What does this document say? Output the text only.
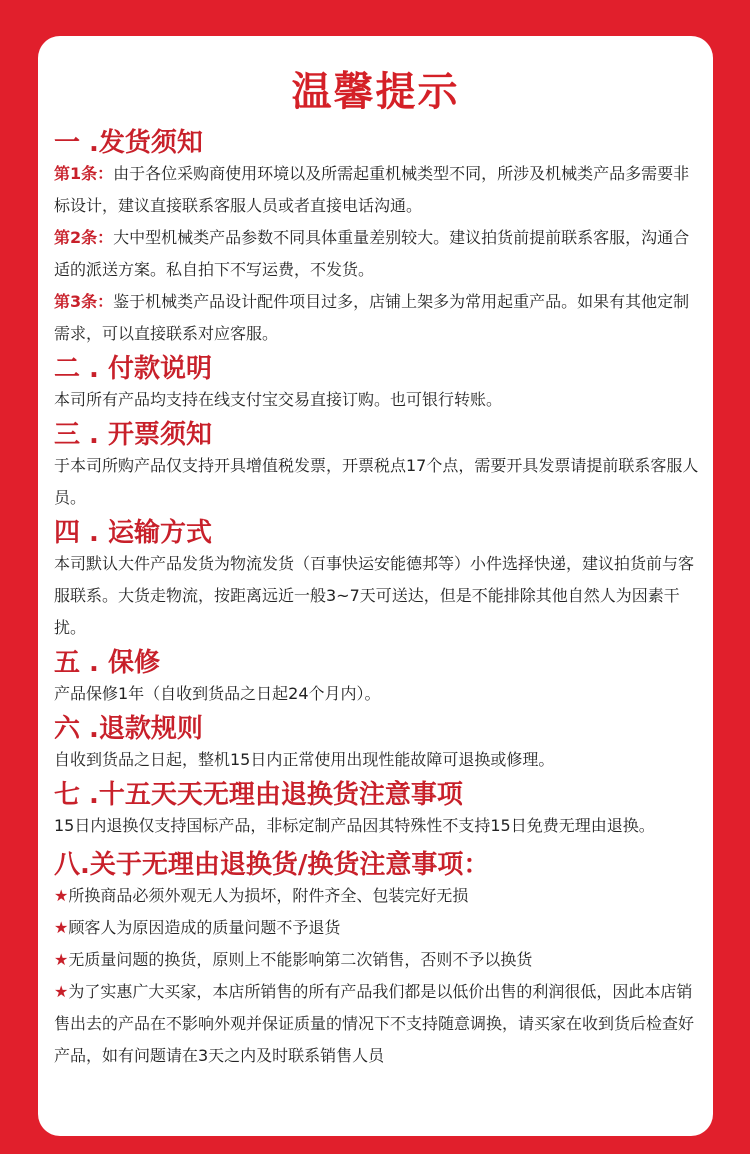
温馨提示
一 .发货须知

第1条：由于各位采购商使用环境以及所需起重机械类型不同，所涉及机械类产品多需要非标设计，建议直接联系客服人员或者直接电话沟通。

第2条：大中型机械类产品参数不同具体重量差别较大。建议拍货前提前联系客服，沟通合适的派送方案。私自拍下不写运费，不发货。

第3条：鉴于机械类产品设计配件项目过多，店铺上架多为常用起重产品。如果有其他定制需求，可以直接联系对应客服。

二 . 付款说明

本司所有产品均支持在线支付宝交易直接订购。也可银行转账。

三 . 开票须知

于本司所购产品仅支持开具增值税发票，开票税点17个点，需要开具发票请提前联系客服人员。

四 . 运输方式

本司默认大件产品发货为物流发货（百事快运安能德邦等）小件选择快递，建议拍货前与客服联系。大货走物流，按距离远近一般3~7天可送达，但是不能排除其他自然人为因素干扰。

五 . 保修

产品保修1年（自收到货品之日起24个月内）。

六 .退款规则

自收到货品之日起，整机15日内正常使用出现性能故障可退换或修理。

七 .十五天天无理由退换货注意事项

15日内退换仅支持国标产品，非标定制产品因其特殊性不支持15日免费无理由退换。

八.关于无理由退换货/换货注意事项：

★所换商品必须外观无人为损坏，附件齐全、包装完好无损

★顾客人为原因造成的质量问题不予退货

★无质量问题的换货，原则上不能影响第二次销售，否则不予以换货

★为了实惠广大买家，本店所销售的所有产品我们都是以低价出售的利润很低，因此本店销售出去的产品在不影响外观并保证质量的情况下不支持随意调换，请买家在收到货后检查好产品，如有问题请在3天之内及时联系销售人员
